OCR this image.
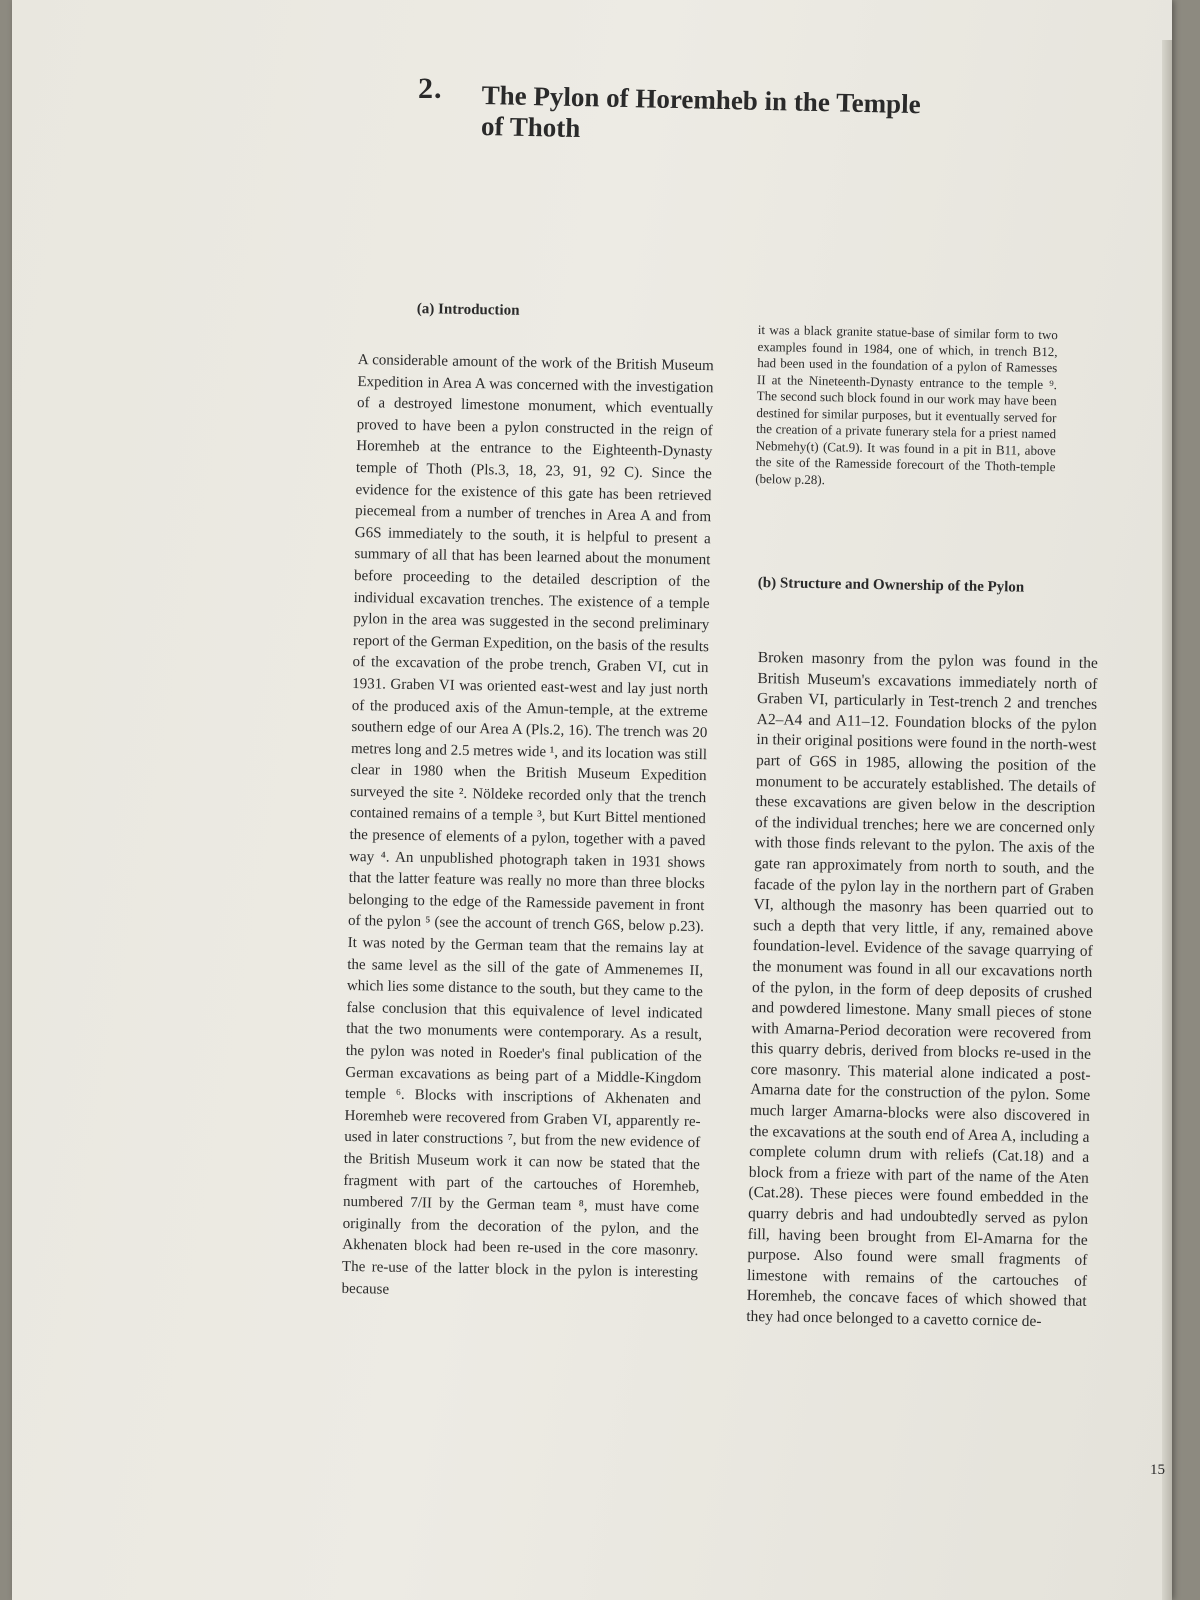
2. The Pylon of Horemheb in the Temple of Thoth
(a) Introduction

A considerable amount of the work of the British Museum Expedition in Area A was concerned with the investigation of a destroyed limestone monument, which eventually proved to have been a pylon constructed in the reign of Horemheb at the entrance to the Eighteenth-Dynasty temple of Thoth (Pls.3, 18, 23, 91, 92 C). Since the evidence for the existence of this gate has been retrieved piecemeal from a number of trenches in Area A and from G6S immediately to the south, it is helpful to present a summary of all that has been learned about the monument before proceeding to the detailed description of the individual excavation trenches. The existence of a temple pylon in the area was suggested in the second preliminary report of the German Expedition, on the basis of the results of the excavation of the probe trench, Graben VI, cut in 1931. Graben VI was oriented east-west and lay just north of the produced axis of the Amun-temple, at the extreme southern edge of our Area A (Pls.2, 16). The trench was 20 metres long and 2.5 metres wide ¹, and its location was still clear in 1980 when the British Museum Expedition surveyed the site ². Nöldeke recorded only that the trench contained remains of a temple ³, but Kurt Bittel mentioned the presence of elements of a pylon, together with a paved way ⁴. An unpublished photograph taken in 1931 shows that the latter feature was really no more than three blocks belonging to the edge of the Ramesside pavement in front of the pylon ⁵ (see the account of trench G6S, below p.23). It was noted by the German team that the remains lay at the same level as the sill of the gate of Ammenemes II, which lies some distance to the south, but they came to the false conclusion that this equivalence of level indicated that the two monuments were contemporary. As a result, the pylon was noted in Roeder's final publication of the German excavations as being part of a Middle-Kingdom temple ⁶. Blocks with inscriptions of Akhenaten and Horemheb were recovered from Graben VI, apparently re-used in later constructions ⁷, but from the new evidence of the British Museum work it can now be stated that the fragment with part of the cartouches of Horemheb, numbered 7/II by the German team ⁸, must have come originally from the decoration of the pylon, and the Akhenaten block had been re-used in the core masonry. The re-use of the latter block in the pylon is interesting because

it was a black granite statue-base of similar form to two examples found in 1984, one of which, in trench B12, had been used in the foundation of a pylon of Ramesses II at the Nineteenth-Dynasty entrance to the temple ⁹. The second such block found in our work may have been destined for similar purposes, but it eventually served for the creation of a private funerary stela for a priest named Nebmehy(t) (Cat.9). It was found in a pit in B11, above the site of the Ramesside forecourt of the Thoth-temple (below p.28).

(b) Structure and Ownership of the Pylon

Broken masonry from the pylon was found in the British Museum's excavations immediately north of Graben VI, particularly in Test-trench 2 and trenches A2–A4 and A11–12. Foundation blocks of the pylon in their original positions were found in the north-west part of G6S in 1985, allowing the position of the monument to be accurately established. The details of these excavations are given below in the description of the individual trenches; here we are concerned only with those finds relevant to the pylon. The axis of the gate ran approximately from north to south, and the facade of the pylon lay in the northern part of Graben VI, although the masonry has been quarried out to such a depth that very little, if any, remained above foundation-level. Evidence of the savage quarrying of the monument was found in all our excavations north of the pylon, in the form of deep deposits of crushed and powdered limestone. Many small pieces of stone with Amarna-Period decoration were recovered from this quarry debris, derived from blocks re-used in the core masonry. This material alone indicated a post-Amarna date for the construction of the pylon. Some much larger Amarna-blocks were also discovered in the excavations at the south end of Area A, including a complete column drum with reliefs (Cat.18) and a block from a frieze with part of the name of the Aten (Cat.28). These pieces were found embedded in the quarry debris and had undoubtedly served as pylon fill, having been brought from El-Amarna for the purpose. Also found were small fragments of limestone with remains of the cartouches of Horemheb, the concave faces of which showed that they had once belonged to a cavetto cornice de-

15
